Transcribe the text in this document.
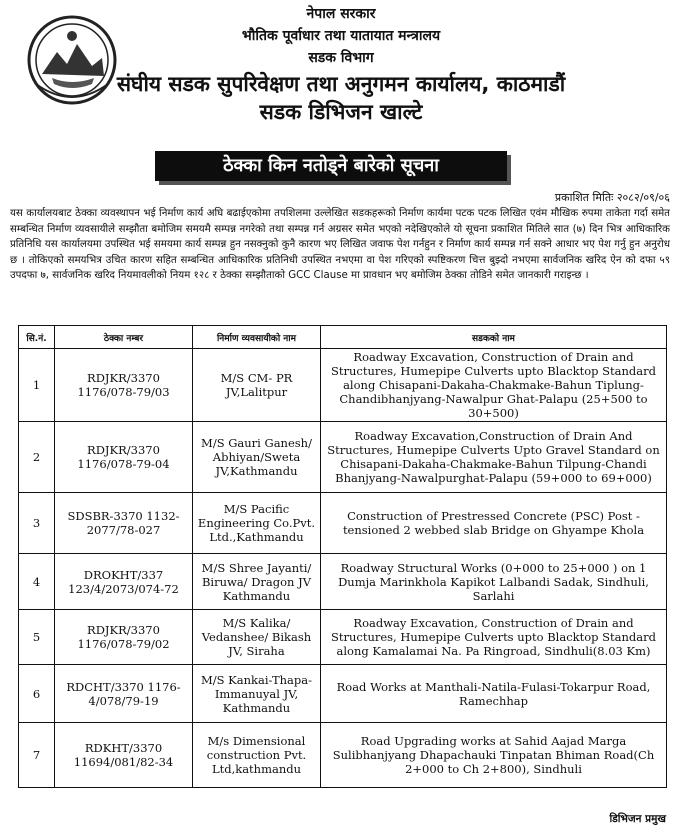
नेपाल सरकार
भौतिक पूर्वाधार तथा यातायात मन्त्रालय
सडक विभाग
संघीय सडक सुपरिवेक्षण तथा अनुगमन कार्यालय, काठमाडौं
सडक डिभिजन खाल्टे
ठेक्का किन नतोड्ने बारेको सूचना
प्रकाशित मितिः २०८२/०९/०६
यस कार्यालयबाट ठेक्का व्यवस्थापन भई निर्माण कार्य अघि बढाईएकोमा तपशिलमा उल्लेखित सडकहरूको निर्माण कार्यमा पटक पटक लिखित एवंम मौखिक रुपमा ताकेता गर्दा समेत सम्बन्धित निर्माण व्यवसायीले सम्झौता बमोजिम समयमै सम्पन्न नगरेको तथा सम्पन्न गर्न अग्रसर समेत भएको नदेखिएकोले यो सूचना प्रकाशित मितिले सात (७) दिन भित्र आधिकारिक प्रतिनिधि यस कार्यालयमा उपस्थित भई समयमा कार्य सम्पन्न हुन नसक्नुको कुनै कारण भए लिखित जवाफ पेश गर्नहुन र निर्माण कार्य सम्पन्न गर्न सक्ने आधार भए पेश गर्नु हुन अनुरोध छ । तोकिएको समयभित्र उचित कारण सहित सम्बन्धित आधिकारिक प्रतिनिधी उपस्थित नभएमा वा पेश गरिएको स्पष्टिकरण चित्त बुझ्दो नभएमा सार्वजनिक खरिद ऐन को दफा ५९ उपदफा ७, सार्वजनिक खरिद नियमावलीको नियम १२८ र ठेक्का सम्झौताको GCC Clause मा प्रावधान भए बमोजिम ठेक्का तोडिने समेत जानकारी गराइन्छ ।
सि.नं.	ठेक्का नम्बर	निर्माण व्यवसायीको नाम	सडकको नाम
1	RDJKR/3370 1176/078-79/03	M/S CM- PR JV,Lalitpur	Roadway Excavation, Construction of Drain and Structures, Humepipe Culverts upto Blacktop Standard along Chisapani-Dakaha-Chakmake-Bahun Tiplung-Chandibhanjyang-Nawalpur Ghat-Palapu (25+500 to 30+500)
2	RDJKR/3370 1176/078-79-04	M/S Gauri Ganesh/ Abhiyan/Sweta JV,Kathmandu	Roadway Excavation,Construction of Drain And Structures, Humepipe Culverts Upto Gravel Standard on Chisapani-Dakaha-Chakmake-Bahun Tilpung-Chandi Bhanjyang-Nawalpurghat-Palapu (59+000 to 69+000)
3	SDSBR-3370 1132-2077/78-027	M/S Pacific Engineering Co.Pvt. Ltd.,Kathmandu	Construction of Prestressed Concrete (PSC) Post -tensioned 2 webbed slab Bridge on Ghyampe Khola
4	DROKHT/337 123/4/2073/074-72	M/S Shree Jayanti/ Biruwa/ Dragon JV Kathmandu	Roadway Structural Works (0+000 to 25+000 ) on 1 Dumja Marinkhola Kapikot Lalbandi Sadak, Sindhuli, Sarlahi
5	RDJKR/3370 1176/078-79/02	M/S Kalika/ Vedanshee/ Bikash JV, Siraha	Roadway Excavation, Construction of Drain and Structures, Humepipe Culverts upto Blacktop Standard along Kamalamai Na. Pa Ringroad, Sindhuli(8.03 Km)
6	RDCHT/3370 1176-4/078/79-19	M/S Kankai-Thapa-Immanuyal JV, Kathmandu	Road Works at Manthali-Natila-Fulasi-Tokarpur Road, Ramechhap
7	RDKHT/3370 11694/081/82-34	M/s Dimensional construction Pvt. Ltd,kathmandu	Road Upgrading works at Sahid Aajad Marga Sulibhanjyang Dhapachauki Tinpatan Bhiman Road(Ch 2+000 to Ch 2+800), Sindhuli
डिभिजन प्रमुख
